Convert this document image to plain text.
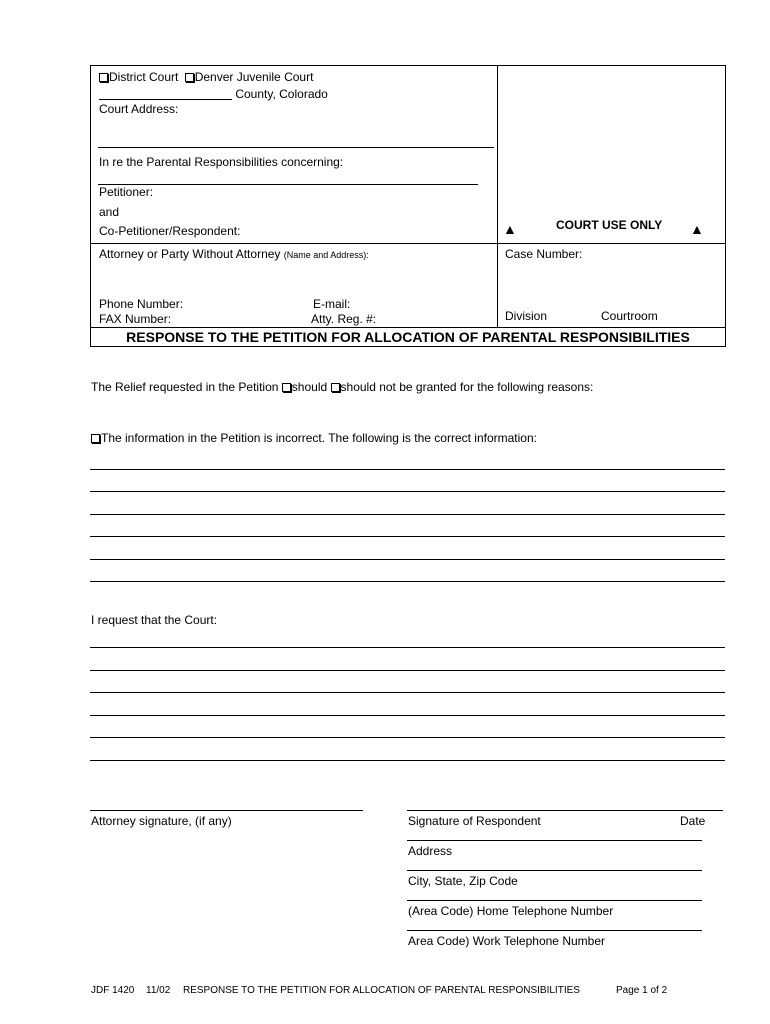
District Court Denver Juvenile Court
County, Colorado
Court Address:
In re the Parental Responsibilities concerning:
Petitioner:
and
Co-Petitioner/Respondent:	▲	COURT USE ONLY ▲
Attorney or Party Without Attorney (Name and Address):
Phone Number:	E-mail:
FAX Number:	Atty. Reg. #:
Case Number:
Division	Courtroom
RESPONSE TO THE PETITION FOR ALLOCATION OF PARENTAL RESPONSIBILITIES
The Relief requested in the Petition should should not be granted for the following reasons:
The information in the Petition is incorrect. The following is the correct information:
I request that the Court:
Attorney signature, (if any)	Signature of Respondent	Date
Address
City, State, Zip Code
(Area Code) Home Telephone Number
Area Code) Work Telephone Number
JDF 1420 11/02 RESPONSE TO THE PETITION FOR ALLOCATION OF PARENTAL RESPONSIBILITIES	Page 1 of 2
